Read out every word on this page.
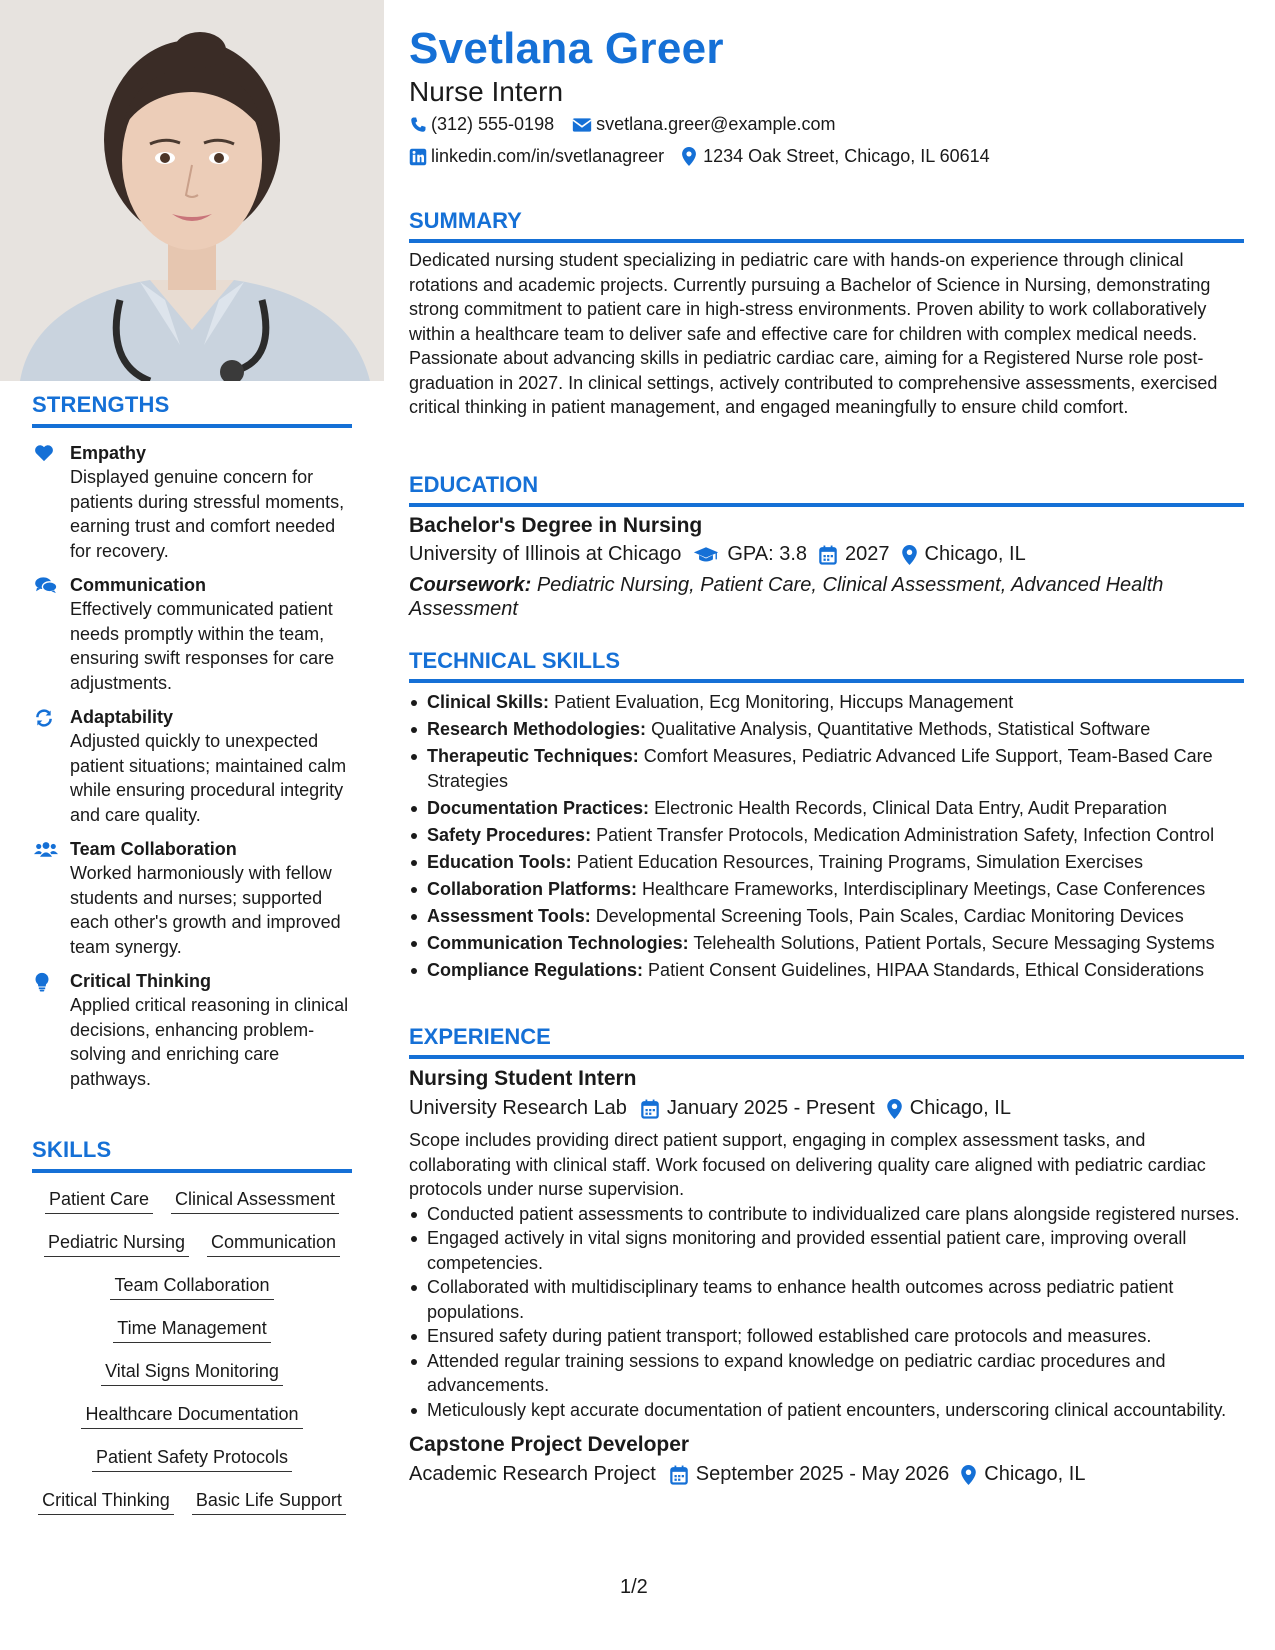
STRENGTHS
Empathy
Displayed genuine concern for patients during stressful moments, earning trust and comfort needed for recovery.
Communication
Effectively communicated patient needs promptly within the team, ensuring swift responses for care adjustments.
Adaptability
Adjusted quickly to unexpected patient situations; maintained calm while ensuring procedural integrity and care quality.
Team Collaboration
Worked harmoniously with fellow students and nurses; supported each other's growth and improved team synergy.
Critical Thinking
Applied critical reasoning in clinical decisions, enhancing problem-solving and enriching care pathways.
SKILLS
Patient Care Clinical Assessment
Pediatric Nursing Communication
Team Collaboration
Time Management
Vital Signs Monitoring
Healthcare Documentation
Patient Safety Protocols
Critical Thinking Basic Life Support
Svetlana Greer
Nurse Intern
(312) 555-0198 svetlana.greer@example.com
linkedin.com/in/svetlanagreer 1234 Oak Street, Chicago, IL 60614
SUMMARY
Dedicated nursing student specializing in pediatric care with hands-on experience through clinical rotations and academic projects. Currently pursuing a Bachelor of Science in Nursing, demonstrating strong commitment to patient care in high-stress environments. Proven ability to work collaboratively within a healthcare team to deliver safe and effective care for children with complex medical needs. Passionate about advancing skills in pediatric cardiac care, aiming for a Registered Nurse role post-graduation in 2027. In clinical settings, actively contributed to comprehensive assessments, exercised critical thinking in patient management, and engaged meaningfully to ensure child comfort.
EDUCATION
Bachelor's Degree in Nursing
University of Illinois at Chicago GPA: 3.8 2027 Chicago, IL
Coursework: Pediatric Nursing, Patient Care, Clinical Assessment, Advanced Health Assessment
TECHNICAL SKILLS
Clinical Skills: Patient Evaluation, Ecg Monitoring, Hiccups Management
Research Methodologies: Qualitative Analysis, Quantitative Methods, Statistical Software
Therapeutic Techniques: Comfort Measures, Pediatric Advanced Life Support, Team-Based Care Strategies
Documentation Practices: Electronic Health Records, Clinical Data Entry, Audit Preparation
Safety Procedures: Patient Transfer Protocols, Medication Administration Safety, Infection Control
Education Tools: Patient Education Resources, Training Programs, Simulation Exercises
Collaboration Platforms: Healthcare Frameworks, Interdisciplinary Meetings, Case Conferences
Assessment Tools: Developmental Screening Tools, Pain Scales, Cardiac Monitoring Devices
Communication Technologies: Telehealth Solutions, Patient Portals, Secure Messaging Systems
Compliance Regulations: Patient Consent Guidelines, HIPAA Standards, Ethical Considerations
EXPERIENCE
Nursing Student Intern
University Research Lab January 2025 - Present Chicago, IL
Scope includes providing direct patient support, engaging in complex assessment tasks, and collaborating with clinical staff. Work focused on delivering quality care aligned with pediatric cardiac protocols under nurse supervision.
Conducted patient assessments to contribute to individualized care plans alongside registered nurses.
Engaged actively in vital signs monitoring and provided essential patient care, improving overall competencies.
Collaborated with multidisciplinary teams to enhance health outcomes across pediatric patient populations.
Ensured safety during patient transport; followed established care protocols and measures.
Attended regular training sessions to expand knowledge on pediatric cardiac procedures and advancements.
Meticulously kept accurate documentation of patient encounters, underscoring clinical accountability.
Capstone Project Developer
Academic Research Project September 2025 - May 2026 Chicago, IL
1/2
